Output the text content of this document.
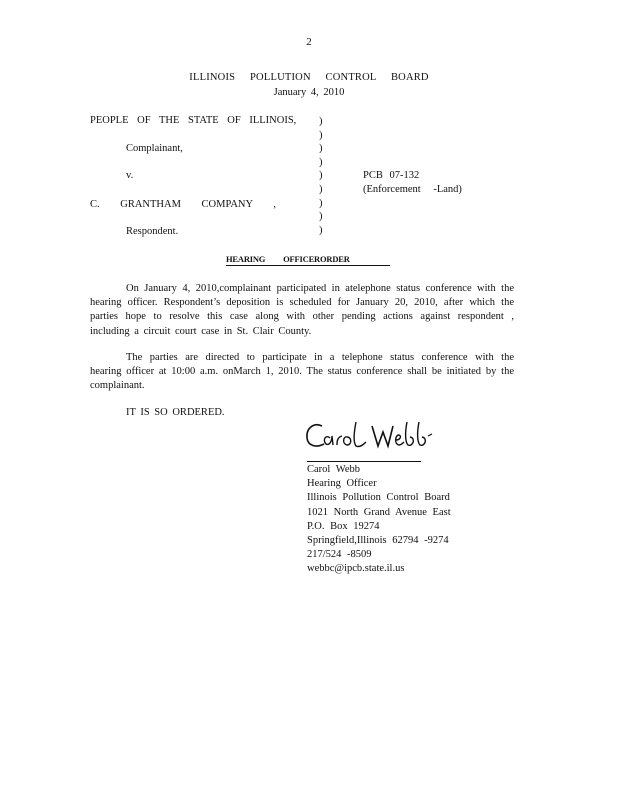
2
ILLINOIS POLLUTION CONTROL BOARD
January 4, 2010
PEOPLE OF THE STATE OF ILLINOIS,
Complainant,
v.
C. GRANTHAM COMPANY ,
Respondent.
)
)
)
)
)
)
)
)
)
PCB 07-132
(Enforcement -Land)
HEARING OFFICERORDER
On January 4, 2010,complainant participated in atelephone status conference with the hearing officer. Respondent’s deposition is scheduled for January 20, 2010, after which the parties hope to resolve this case along with other pending actions against respondent , including a circuit court case in St. Clair County.
The parties are directed to participate in a telephone status conference with the hearing officer at 10:00 a.m. onMarch 1, 2010. The status conference shall be initiated by the complainant.
IT IS SO ORDERED.
Carol Webb
Hearing Officer
Illinois Pollution Control Board
1021 North Grand Avenue East
P.O. Box 19274
Springfield,Illinois 62794 -9274
217/524 -8509
webbc@ipcb.state.il.us
